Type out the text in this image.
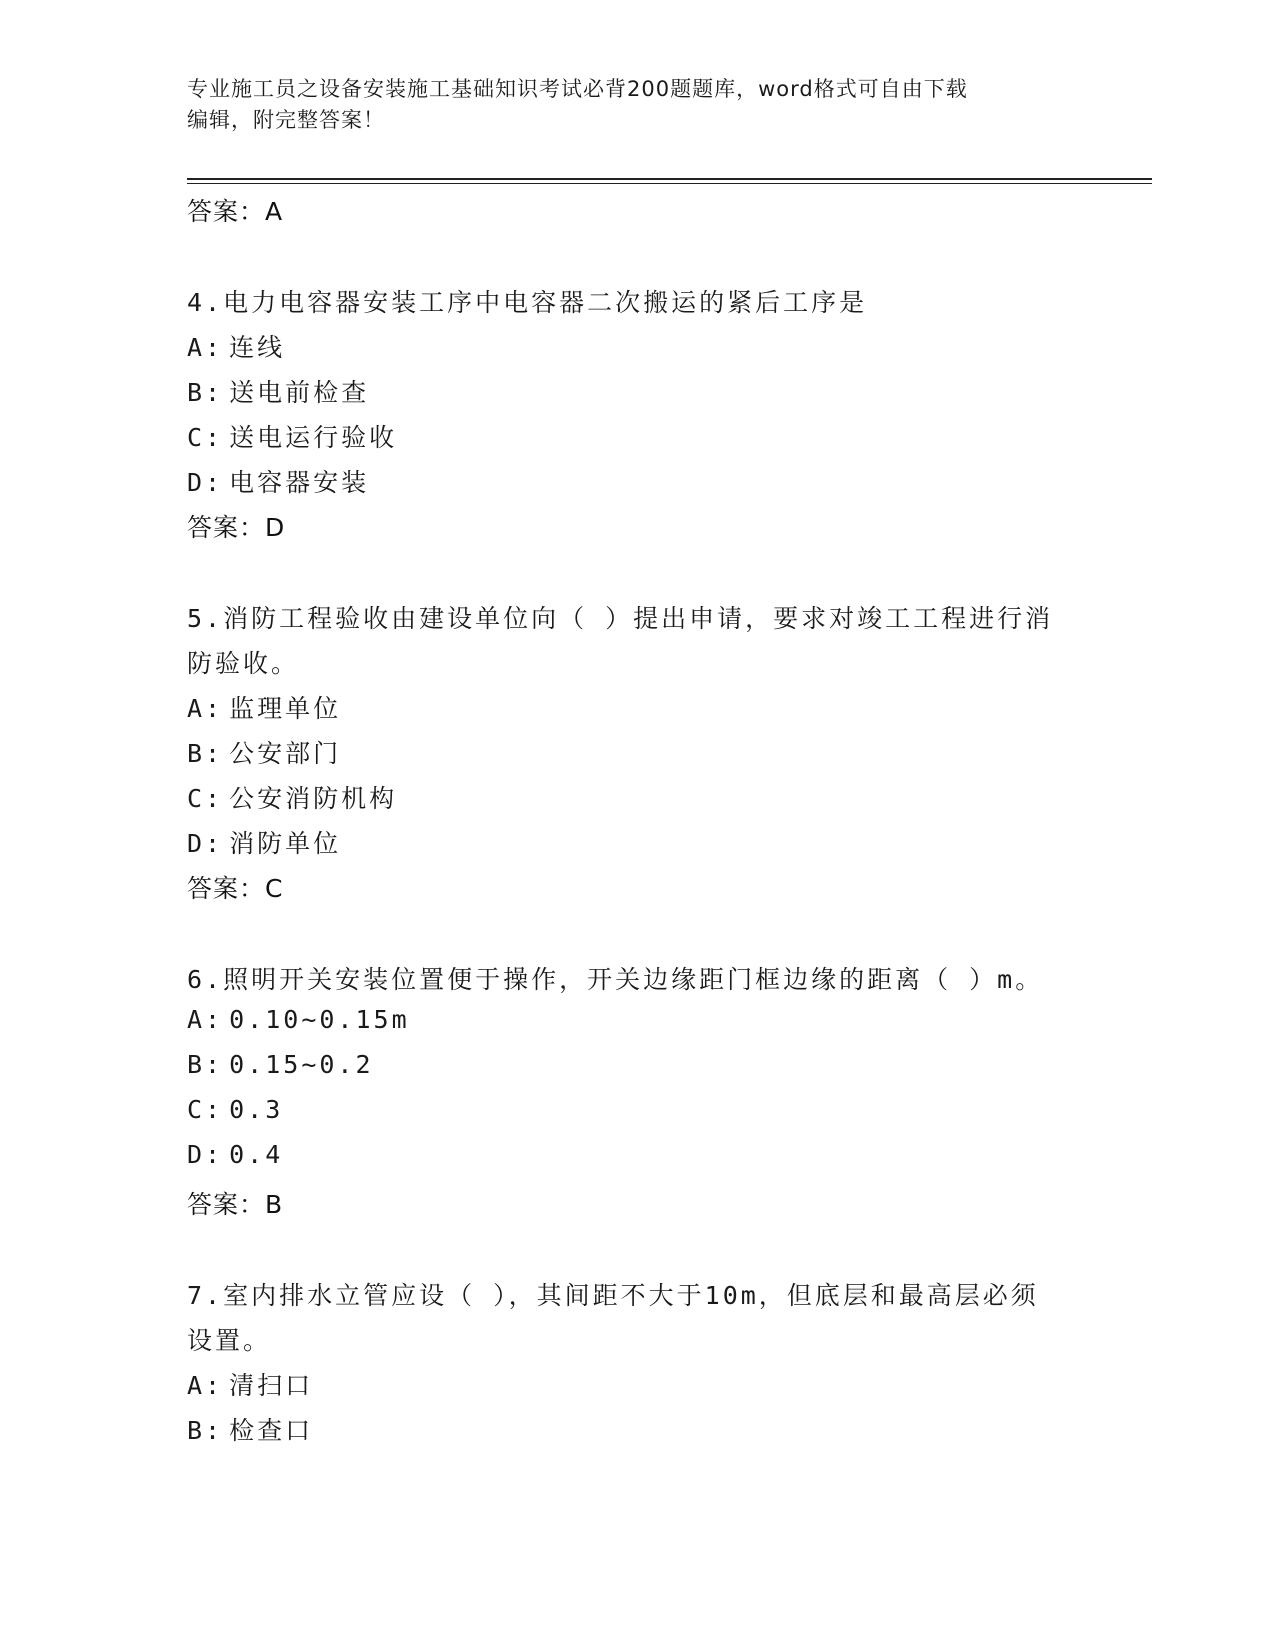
专业施工员之设备安装施工基础知识考试必背200题题库，word格式可自由下载
编辑，附完整答案！
答案：A
4.电力电容器安装工序中电容器二次搬运的紧后工序是
A: 连线
B: 送电前检查
C: 送电运行验收
D: 电容器安装
答案：D
5.消防工程验收由建设单位向（ ）提出申请，要求对竣工工程进行消
防验收。
A: 监理单位
B: 公安部门
C: 公安消防机构
D: 消防单位
答案：C
6.照明开关安装位置便于操作，开关边缘距门框边缘的距离（ ）m。
A: 0.10~0.15m
B: 0.15~0.2
C: 0.3
D: 0.4
答案：B
7.室内排水立管应设（ ），其间距不大于10m，但底层和最高层必须
设置。
A: 清扫口
B: 检查口
